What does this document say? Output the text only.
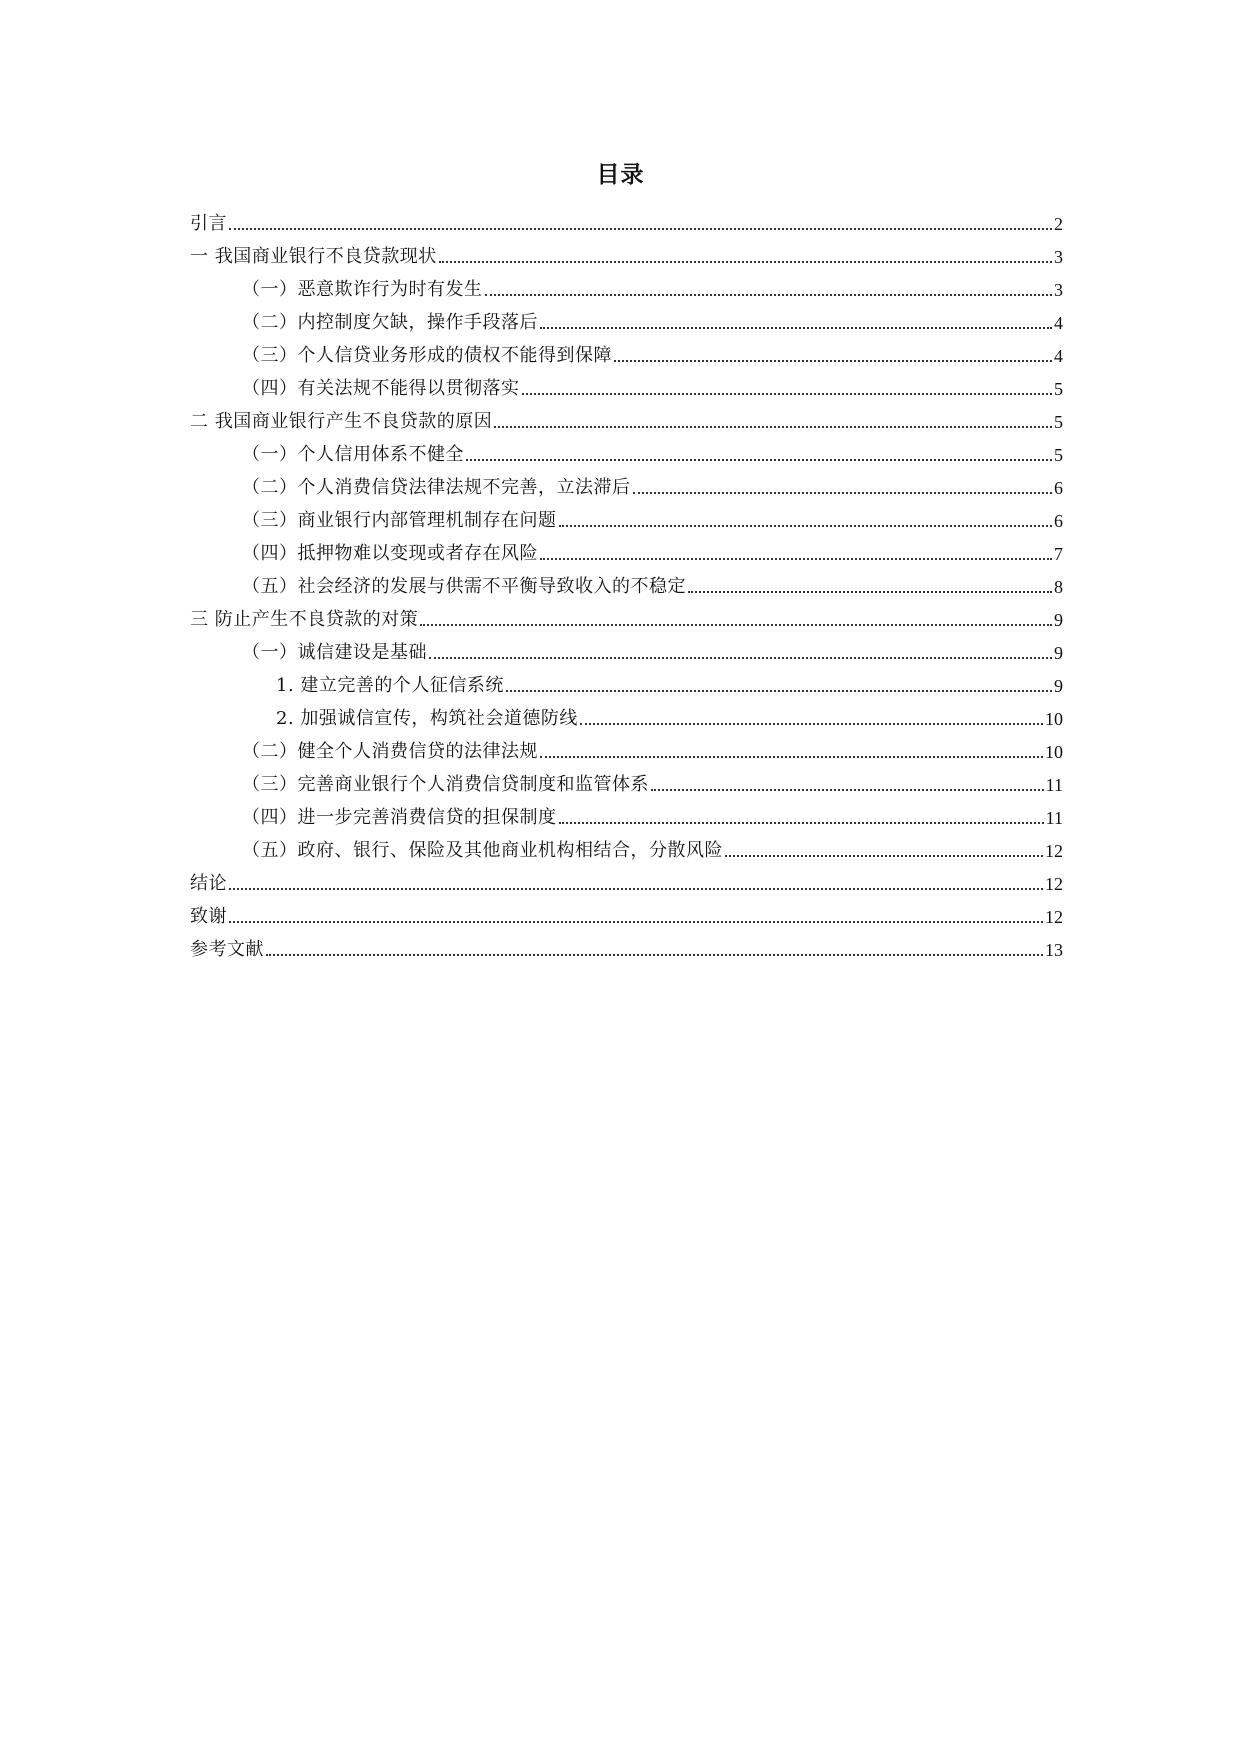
目录
引言	2
一 我国商业银行不良贷款现状	3
（一）恶意欺诈行为时有发生	3
（二）内控制度欠缺，操作手段落后	4
（三）个人信贷业务形成的债权不能得到保障	4
（四）有关法规不能得以贯彻落实	5
二 我国商业银行产生不良贷款的原因	5
（一）个人信用体系不健全	5
（二）个人消费信贷法律法规不完善，立法滞后	6
（三）商业银行内部管理机制存在问题	6
（四）抵押物难以变现或者存在风险	7
（五）社会经济的发展与供需不平衡导致收入的不稳定	8
三 防止产生不良贷款的对策	9
（一）诚信建设是基础	9
1. 建立完善的个人征信系统	9
2. 加强诚信宣传，构筑社会道德防线	10
（二）健全个人消费信贷的法律法规	10
（三）完善商业银行个人消费信贷制度和监管体系	11
（四）进一步完善消费信贷的担保制度	11
（五）政府、银行、保险及其他商业机构相结合，分散风险	12
结论	12
致谢	12
参考文献	13
